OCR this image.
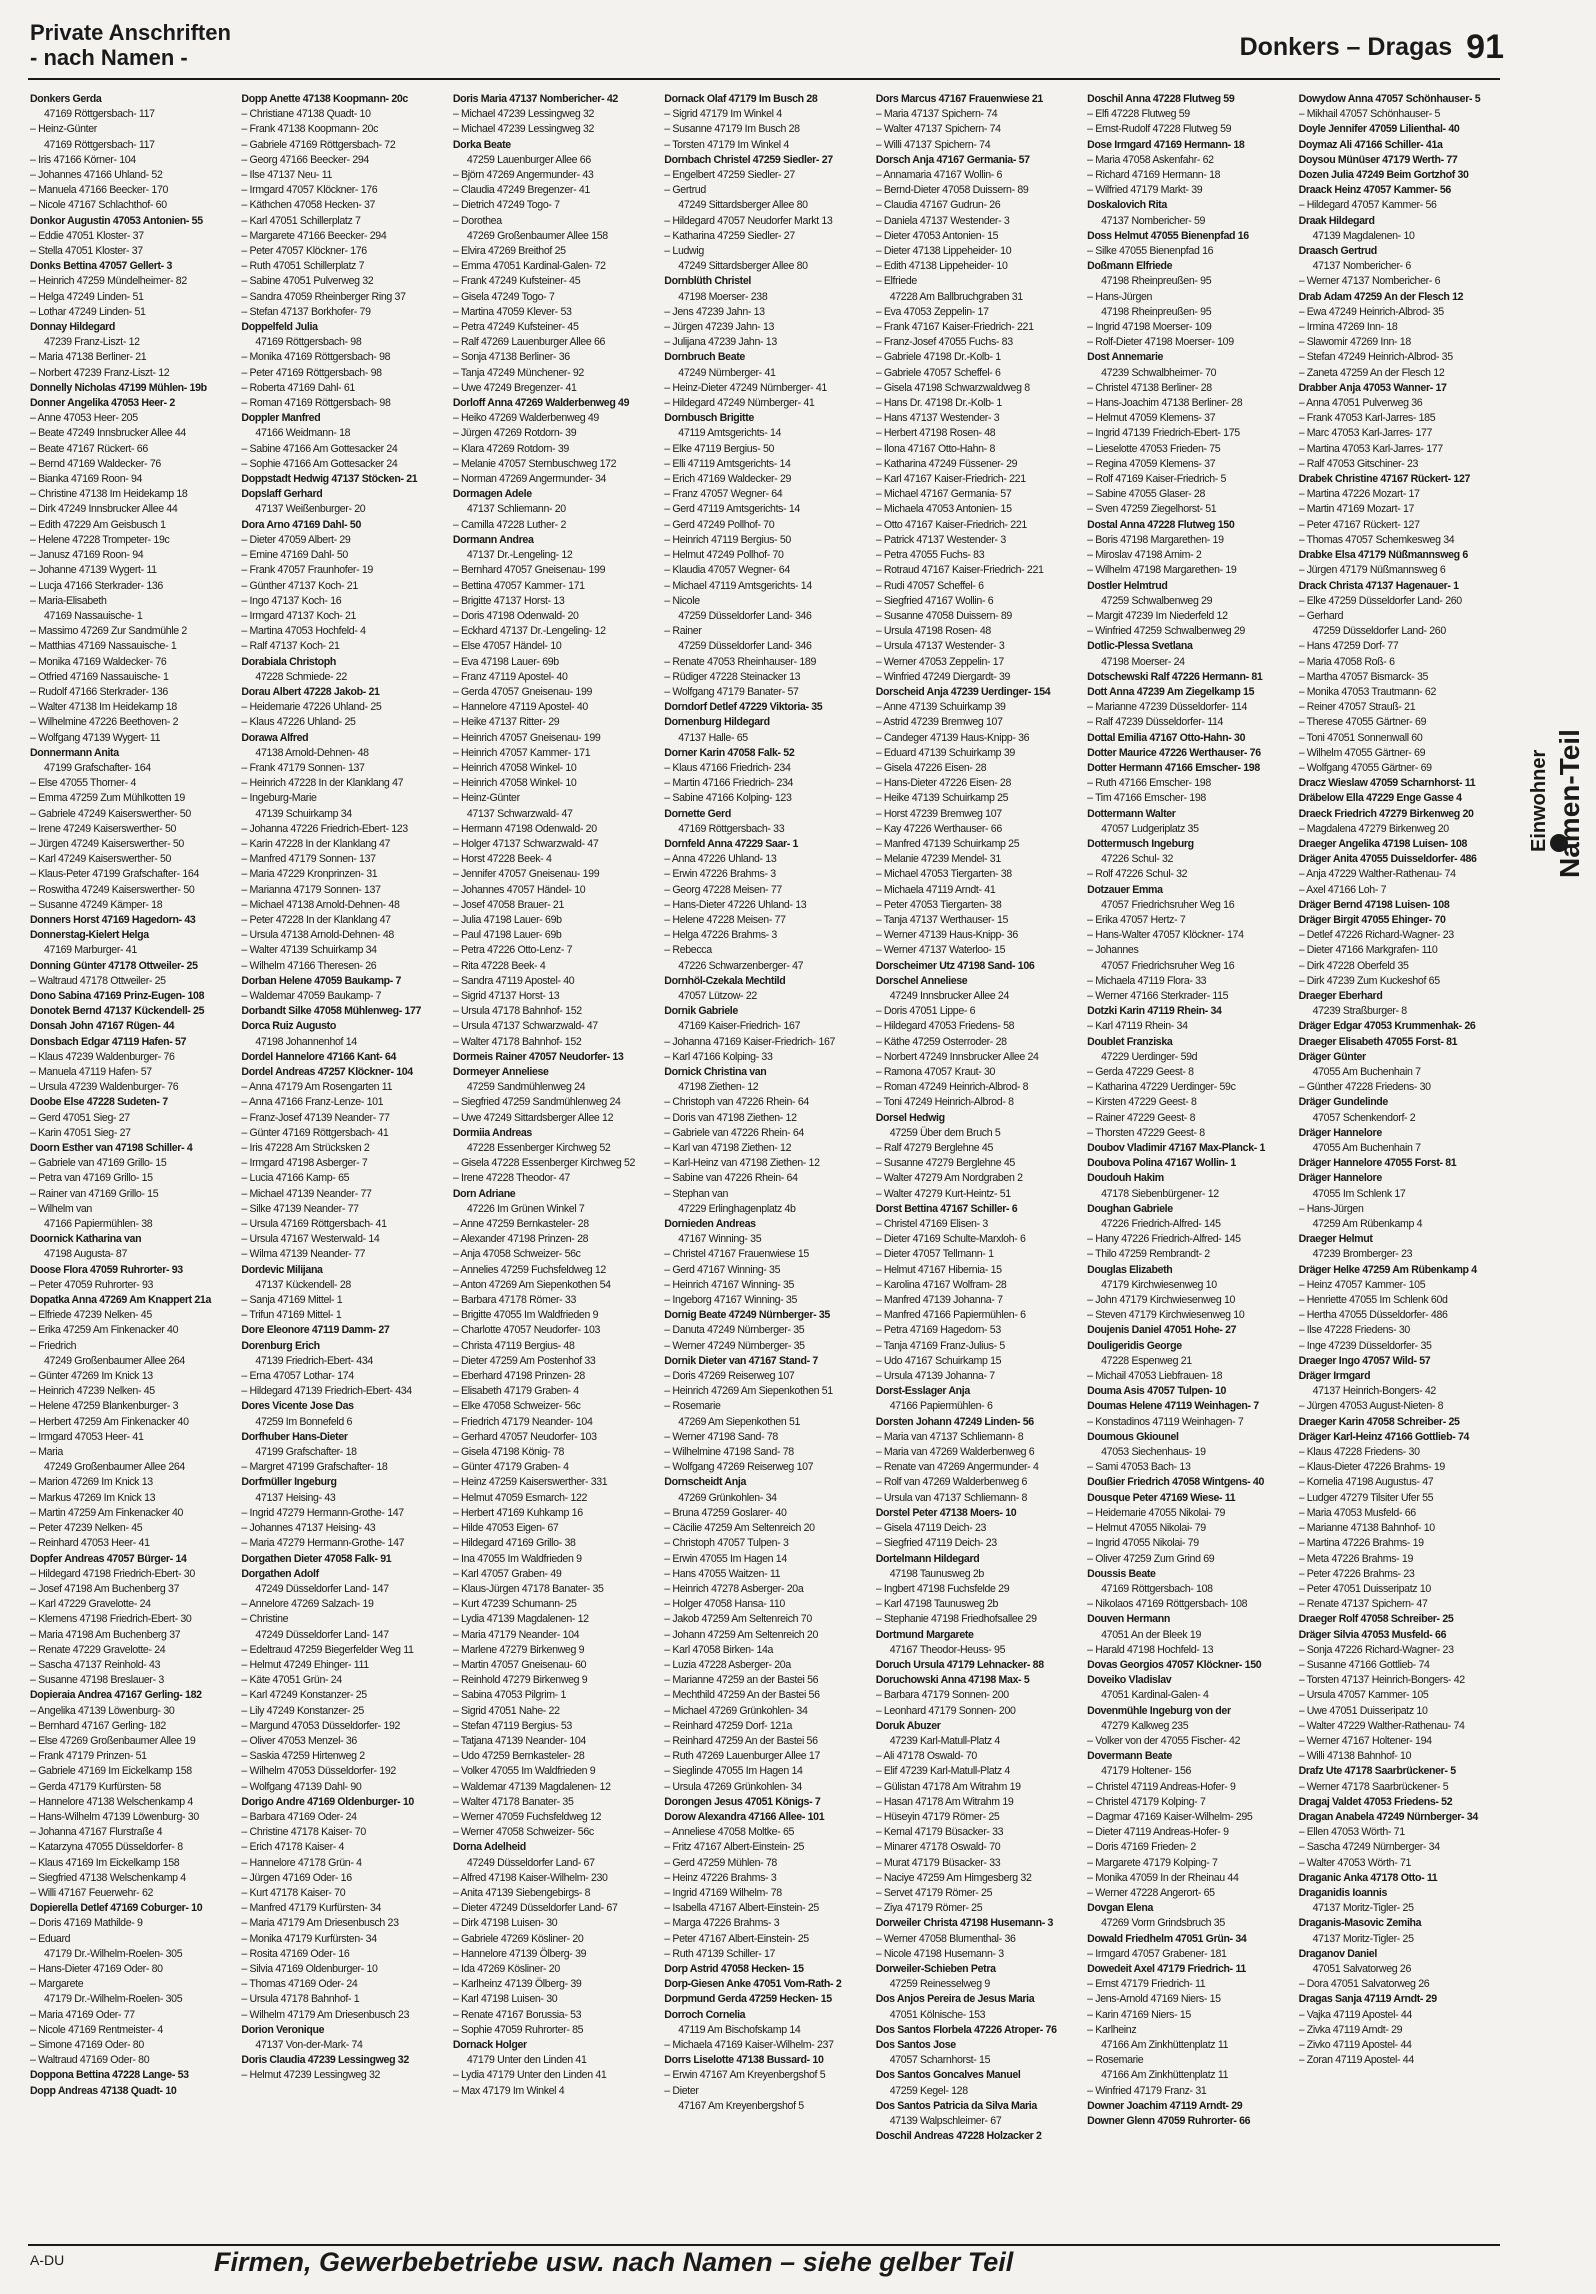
Private Anschriften
- nach Namen -	Donkers – Dragas 91
Donkers Gerda
47169 Röttgersbach- 117
– Heinz-Günter
47169 Röttgersbach- 117
– Iris 47166 Körner- 104
– Johannes 47166 Uhland- 52
– Manuela 47166 Beecker- 170
– Nicole 47167 Schlachthof- 60
Donkor Augustin 47053 Antonien- 55
– Eddie 47051 Kloster- 37
– Stella 47051 Kloster- 37
Donks Bettina 47057 Gellert- 3
– Heinrich 47259 Mündelheimer- 82
– Helga 47249 Linden- 51
– Lothar 47249 Linden- 51
Donnay Hildegard
47239 Franz-Liszt- 12
– Maria 47138 Berliner- 21
– Norbert 47239 Franz-Liszt- 12
Donnelly Nicholas 47199 Mühlen- 19b
Donner Angelika 47053 Heer- 2
– Anne 47053 Heer- 205
– Beate 47249 Innsbrucker Allee 44
– Beate 47167 Rückert- 66
– Bernd 47169 Waldecker- 76
– Bianka 47169 Roon- 94
– Christine 47138 Im Heidekamp 18
– Dirk 47249 Innsbrucker Allee 44
– Edith 47229 Am Geisbusch 1
– Helene 47228 Trompeter- 19c
– Janusz 47169 Roon- 94
– Johanne 47139 Wygert- 11
– Lucja 47166 Sterkrader- 136
– Maria-Elisabeth
47169 Nassauische- 1
– Massimo 47269 Zur Sandmühle 2
– Matthias 47169 Nassauische- 1
– Monika 47169 Waldecker- 76
– Otfried 47169 Nassauische- 1
– Rudolf 47166 Sterkrader- 136
– Walter 47138 Im Heidekamp 18
– Wilhelmine 47226 Beethoven- 2
– Wolfgang 47139 Wygert- 11
Donnermann Anita
47199 Grafschafter- 164
– Else 47055 Thorner- 4
– Emma 47259 Zum Mühlkotten 19
– Gabriele 47249 Kaiserswerther- 50
– Irene 47249 Kaiserswerther- 50
– Jürgen 47249 Kaiserswerther- 50
– Karl 47249 Kaiserswerther- 50
– Klaus-Peter 47199 Grafschafter- 164
– Roswitha 47249 Kaiserswerther- 50
– Susanne 47249 Kämper- 18
Donners Horst 47169 Hagedorn- 43
Donnerstag-Kielert Helga
47169 Marburger- 41
Donning Günter 47178 Ottweiler- 25
– Waltraud 47178 Ottweiler- 25
Dono Sabina 47169 Prinz-Eugen- 108
Donotek Bernd 47137 Kückendell- 25
Donsah John 47167 Rügen- 44
Donsbach Edgar 47119 Hafen- 57
– Klaus 47239 Waldenburger- 76
– Manuela 47119 Hafen- 57
– Ursula 47239 Waldenburger- 76
Doobe Else 47228 Sudeten- 7
– Gerd 47051 Sieg- 27
– Karin 47051 Sieg- 27
Doorn Esther van 47198 Schiller- 4
– Gabriele van 47169 Grillo- 15
– Petra van 47169 Grillo- 15
– Rainer van 47169 Grillo- 15
– Wilhelm van
47166 Papiermühlen- 38
Doornick Katharina van
47198 Augusta- 87
Doose Flora 47059 Ruhrorter- 93
– Peter 47059 Ruhrorter- 93
Dopatka Anna 47269 Am Knappert 21a
– Elfriede 47239 Nelken- 45
– Erika 47259 Am Finkenacker 40
– Friedrich
47249 Großenbaumer Allee 264
– Günter 47269 Im Knick 13
– Heinrich 47239 Nelken- 45
– Helene 47259 Blankenburger- 3
– Herbert 47259 Am Finkenacker 40
– Irmgard 47053 Heer- 41
– Maria
47249 Großenbaumer Allee 264
– Marion 47269 Im Knick 13
– Markus 47269 Im Knick 13
– Martin 47259 Am Finkenacker 40
– Peter 47239 Nelken- 45
– Reinhard 47053 Heer- 41
Dopfer Andreas 47057 Bürger- 14
– Hildegard 47198 Friedrich-Ebert- 30
– Josef 47198 Am Buchenberg 37
– Karl 47229 Gravelotte- 24
– Klemens 47198 Friedrich-Ebert- 30
– Maria 47198 Am Buchenberg 37
– Renate 47229 Gravelotte- 24
– Sascha 47137 Reinhold- 43
– Susanne 47198 Breslauer- 3
Dopieraia Andrea 47167 Gerling- 182
– Angelika 47139 Löwenburg- 30
– Bernhard 47167 Gerling- 182
– Else 47269 Großenbaumer Allee 19
– Frank 47179 Prinzen- 51
– Gabriele 47169 Im Eickelkamp 158
– Gerda 47179 Kurfürsten- 58
– Hannelore 47138 Welschenkamp 4
– Hans-Wilhelm 47139 Löwenburg- 30
– Johanna 47167 Flurstraße 4
– Katarzyna 47055 Düsseldorfer- 8
– Klaus 47169 Im Eickelkamp 158
– Siegfried 47138 Welschenkamp 4
– Willi 47167 Feuerwehr- 62
Dopierella Detlef 47169 Coburger- 10
– Doris 47169 Mathilde- 9
– Eduard
47179 Dr.-Wilhelm-Roelen- 305
– Hans-Dieter 47169 Oder- 80
– Margarete
47179 Dr.-Wilhelm-Roelen- 305
– Maria 47169 Oder- 77
– Nicole 47169 Rentmeister- 4
– Simone 47169 Oder- 80
– Waltraud 47169 Oder- 80
Doppona Bettina 47228 Lange- 53
Dopp Andreas 47138 Quadt- 10
Dopp Anette 47138 Koopmann- 20c
– Christiane 47138 Quadt- 10
– Frank 47138 Koopmann- 20c
– Gabriele 47169 Röttgersbach- 72
– Georg 47166 Beecker- 294
– Ilse 47137 Neu- 11
– Irmgard 47057 Klöckner- 176
– Käthchen 47058 Hecken- 37
– Karl 47051 Schillerplatz 7
– Margarete 47166 Beecker- 294
– Peter 47057 Klöckner- 176
– Ruth 47051 Schillerplatz 7
– Sabine 47051 Pulverweg 32
– Sandra 47059 Rheinberger Ring 37
– Stefan 47137 Borkhofer- 79
Doppelfeld Julia
47169 Röttgersbach- 98
– Monika 47169 Röttgersbach- 98
– Peter 47169 Röttgersbach- 98
– Roberta 47169 Dahl- 61
– Roman 47169 Röttgersbach- 98
Doppler Manfred
47166 Weidmann- 18
– Sabine 47166 Am Gottesacker 24
– Sophie 47166 Am Gottesacker 24
Doppstadt Hedwig 47137 Stöcken- 21
Dopslaff Gerhard
47137 Weißenburger- 20
Dora Arno 47169 Dahl- 50
– Dieter 47059 Albert- 29
– Emine 47169 Dahl- 50
– Frank 47057 Fraunhofer- 19
– Günther 47137 Koch- 21
– Ingo 47137 Koch- 16
– Irmgard 47137 Koch- 21
– Martina 47053 Hochfeld- 4
– Ralf 47137 Koch- 21
Dorabiala Christoph
47228 Schmiede- 22
Dorau Albert 47228 Jakob- 21
– Heidemarie 47226 Uhland- 25
– Klaus 47226 Uhland- 25
Dorawa Alfred
47138 Arnold-Dehnen- 48
– Frank 47179 Sonnen- 137
– Heinrich 47228 In der Klanklang 47
– Ingeburg-Marie
47139 Schuirkamp 34
– Johanna 47226 Friedrich-Ebert- 123
– Karin 47228 In der Klanklang 47
– Manfred 47179 Sonnen- 137
– Maria 47229 Kronprinzen- 31
– Marianna 47179 Sonnen- 137
– Michael 47138 Arnold-Dehnen- 48
– Peter 47228 In der Klanklang 47
– Ursula 47138 Arnold-Dehnen- 48
– Walter 47139 Schuirkamp 34
– Wilhelm 47166 Theresen- 26
Dorban Helene 47059 Baukamp- 7
– Waldemar 47059 Baukamp- 7
Dorbandt Silke 47058 Mühlenweg- 177
Dorca Ruiz Augusto
47198 Johannenhof 14
Dordel Hannelore 47166 Kant- 64
Dordel Andreas 47257 Klöckner- 104
– Anna 47179 Am Rosengarten 11
– Anna 47166 Franz-Lenze- 101
– Franz-Josef 47139 Neander- 77
– Günter 47169 Röttgersbach- 41
– Iris 47228 Am Strücksken 2
– Irmgard 47198 Asberger- 7
– Lucia 47166 Kamp- 65
– Michael 47139 Neander- 77
– Silke 47139 Neander- 77
– Ursula 47169 Röttgersbach- 41
– Ursula 47167 Westerwald- 14
– Wilma 47139 Neander- 77
Dordevic Milijana
47137 Kückendell- 28
– Sanja 47169 Mittel- 1
– Trifun 47169 Mittel- 1
Dore Eleonore 47119 Damm- 27
Dorenburg Erich
47139 Friedrich-Ebert- 434
– Erna 47057 Lothar- 174
– Hildegard 47139 Friedrich-Ebert- 434
Dores Vicente Jose Das
47259 Im Bonnefeld 6
Dorfhuber Hans-Dieter
47199 Grafschafter- 18
– Margret 47199 Grafschafter- 18
Dorfmüller Ingeburg
47137 Heising- 43
– Ingrid 47279 Hermann-Grothe- 147
– Johannes 47137 Heising- 43
– Maria 47279 Hermann-Grothe- 147
Dorgathen Dieter 47058 Falk- 91
Dorgathen Adolf
47249 Düsseldorfer Land- 147
– Annelore 47269 Salzach- 19
– Christine
47249 Düsseldorfer Land- 147
– Edeltraud 47259 Biegerfelder Weg 11
– Helmut 47249 Ehinger- 111
– Käte 47051 Grün- 24
– Karl 47249 Konstanzer- 25
– Lily 47249 Konstanzer- 25
– Margund 47053 Düsseldorfer- 192
– Oliver 47053 Menzel- 36
– Saskia 47259 Hirtenweg 2
– Wilhelm 47053 Düsseldorfer- 192
– Wolfgang 47139 Dahl- 90
Dorigo Andre 47169 Oldenburger- 10
– Barbara 47169 Oder- 24
– Christine 47178 Kaiser- 70
– Erich 47178 Kaiser- 4
– Hannelore 47178 Grün- 4
– Jürgen 47169 Oder- 16
– Kurt 47178 Kaiser- 70
– Manfred 47179 Kurfürsten- 34
– Maria 47179 Am Driesenbusch 23
– Monika 47179 Kurfürsten- 34
– Rosita 47169 Oder- 16
– Silvia 47169 Oldenburger- 10
– Thomas 47169 Oder- 24
– Ursula 47178 Bahnhof- 1
– Wilhelm 47179 Am Driesenbusch 23
Dorion Veronique
47137 Von-der-Mark- 74
Doris Claudia 47239 Lessingweg 32
– Helmut 47239 Lessingweg 32
Doris Maria 47137 Nombericher- 42
– Michael 47239 Lessingweg 32
– Michael 47239 Lessingweg 32
Dorka Beate
47259 Lauenburger Allee 66
– Björn 47269 Angermunder- 43
– Claudia 47249 Bregenzer- 41
– Dietrich 47249 Togo- 7
– Dorothea
47269 Großenbaumer Allee 158
– Elvira 47269 Breithof 25
– Emma 47051 Kardinal-Galen- 72
– Frank 47249 Kufsteiner- 45
– Gisela 47249 Togo- 7
– Martina 47059 Klever- 53
– Petra 47249 Kufsteiner- 45
– Ralf 47269 Lauenburger Allee 66
– Sonja 47138 Berliner- 36
– Tanja 47249 Münchener- 92
– Uwe 47249 Bregenzer- 41
Dorloff Anna 47269 Walderbenweg 49
– Heiko 47269 Walderbenweg 49
– Jürgen 47269 Rotdorn- 39
– Klara 47269 Rotdorn- 39
– Melanie 47057 Sternbuschweg 172
– Norman 47269 Angermunder- 34
Dormagen Adele
47137 Schliemann- 20
– Camilla 47228 Luther- 2
Dormann Andrea
47137 Dr.-Lengeling- 12
– Bernhard 47057 Gneisenau- 199
– Bettina 47057 Kammer- 171
– Brigitte 47137 Horst- 13
– Doris 47198 Odenwald- 20
– Eckhard 47137 Dr.-Lengeling- 12
– Else 47057 Händel- 10
– Eva 47198 Lauer- 69b
– Franz 47119 Apostel- 40
– Gerda 47057 Gneisenau- 199
– Hannelore 47119 Apostel- 40
– Heike 47137 Ritter- 29
– Heinrich 47057 Gneisenau- 199
– Heinrich 47057 Kammer- 171
– Heinrich 47058 Winkel- 10
– Heinrich 47058 Winkel- 10
– Heinz-Günter
47137 Schwarzwald- 47
– Hermann 47198 Odenwald- 20
– Holger 47137 Schwarzwald- 47
– Horst 47228 Beek- 4
– Jennifer 47057 Gneisenau- 199
– Johannes 47057 Händel- 10
– Josef 47058 Brauer- 21
– Julia 47198 Lauer- 69b
– Paul 47198 Lauer- 69b
– Petra 47226 Otto-Lenz- 7
– Rita 47228 Beek- 4
– Sandra 47119 Apostel- 40
– Sigrid 47137 Horst- 13
– Ursula 47178 Bahnhof- 152
– Ursula 47137 Schwarzwald- 47
– Walter 47178 Bahnhof- 152
Dormeis Rainer 47057 Neudorfer- 13
Dormeyer Anneliese
47259 Sandmühlenweg 24
– Siegfried 47259 Sandmühlenweg 24
– Uwe 47249 Sittardsberger Allee 12
Dormiia Andreas
47228 Essenberger Kirchweg 52
– Gisela 47228 Essenberger Kirchweg 52
– Irene 47228 Theodor- 47
Dorn Adriane
47226 Im Grünen Winkel 7
– Anne 47259 Bernkasteler- 28
– Alexander 47198 Prinzen- 28
– Anja 47058 Schweizer- 56c
– Annelies 47259 Fuchsfeldweg 12
– Anton 47269 Am Siepenkothen 54
– Barbara 47178 Römer- 33
– Brigitte 47055 Im Waldfrieden 9
– Charlotte 47057 Neudorfer- 103
– Christa 47119 Bergius- 48
– Dieter 47259 Am Postenhof 33
– Eberhard 47198 Prinzen- 28
– Elisabeth 47179 Graben- 4
– Elke 47058 Schweizer- 56c
– Friedrich 47179 Neander- 104
– Gerhard 47057 Neudorfer- 103
– Gisela 47198 König- 78
– Günter 47179 Graben- 4
– Heinz 47259 Kaiserswerther- 331
– Helmut 47059 Esmarch- 122
– Herbert 47169 Kuhkamp 16
– Hilde 47053 Eigen- 67
– Hildegard 47169 Grillo- 38
– Ina 47055 Im Waldfrieden 9
– Karl 47057 Graben- 49
– Klaus-Jürgen 47178 Banater- 35
– Kurt 47239 Schumann- 25
– Lydia 47139 Magdalenen- 12
– Maria 47179 Neander- 104
– Marlene 47279 Birkenweg 9
– Martin 47057 Gneisenau- 60
– Reinhold 47279 Birkenweg 9
– Sabina 47053 Pilgrim- 1
– Sigrid 47051 Nahe- 22
– Stefan 47119 Bergius- 53
– Tatjana 47139 Neander- 104
– Udo 47259 Bernkasteler- 28
– Volker 47055 Im Waldfrieden 9
– Waldemar 47139 Magdalenen- 12
– Walter 47178 Banater- 35
– Werner 47059 Fuchsfeldweg 12
– Werner 47058 Schweizer- 56c
Dorna Adelheid
47249 Düsseldorfer Land- 67
– Alfred 47198 Kaiser-Wilhelm- 230
– Anita 47139 Siebengebirgs- 8
– Dieter 47249 Düsseldorfer Land- 67
– Dirk 47198 Luisen- 30
– Gabriele 47269 Kösliner- 20
– Hannelore 47139 Ölberg- 39
– Ida 47269 Kösliner- 20
– Karlheinz 47139 Ölberg- 39
– Karl 47198 Luisen- 30
– Renate 47167 Borussia- 53
– Sophie 47059 Ruhrorter- 85
Dornack Holger
47179 Unter den Linden 41
– Lydia 47179 Unter den Linden 41
– Max 47179 Im Winkel 4
Dornack Olaf 47179 Im Busch 28
– Sigrid 47179 Im Winkel 4
– Susanne 47179 Im Busch 28
– Torsten 47179 Im Winkel 4
Dornbach Christel 47259 Siedler- 27
– Engelbert 47259 Siedler- 27
– Gertrud
47249 Sittardsberger Allee 80
– Hildegard 47057 Neudorfer Markt 13
– Katharina 47259 Siedler- 27
– Ludwig
47249 Sittardsberger Allee 80
Dornblüth Christel
47198 Moerser- 238
– Jens 47239 Jahn- 13
– Jürgen 47239 Jahn- 13
– Julijana 47239 Jahn- 13
Dornbruch Beate
47249 Nürnberger- 41
– Heinz-Dieter 47249 Nürnberger- 41
– Hildegard 47249 Nürnberger- 41
Dornbusch Brigitte
47119 Amtsgerichts- 14
– Elke 47119 Bergius- 50
– Elli 47119 Amtsgerichts- 14
– Erich 47169 Waldecker- 29
– Franz 47057 Wegner- 64
– Gerd 47119 Amtsgerichts- 14
– Gerd 47249 Pollhof- 70
– Heinrich 47119 Bergius- 50
– Helmut 47249 Pollhof- 70
– Klaudia 47057 Wegner- 64
– Michael 47119 Amtsgerichts- 14
– Nicole
47259 Düsseldorfer Land- 346
– Rainer
47259 Düsseldorfer Land- 346
– Renate 47053 Rheinhauser- 189
– Rüdiger 47228 Steinacker 13
– Wolfgang 47179 Banater- 57
Dorndorf Detlef 47229 Viktoria- 35
Dornenburg Hildegard
47137 Halle- 65
Dorner Karin 47058 Falk- 52
– Klaus 47166 Friedrich- 234
– Martin 47166 Friedrich- 234
– Sabine 47166 Kolping- 123
Dornette Gerd
47169 Röttgersbach- 33
Dornfeld Anna 47229 Saar- 1
– Anna 47226 Uhland- 13
– Erwin 47226 Brahms- 3
– Georg 47228 Meisen- 77
– Hans-Dieter 47226 Uhland- 13
– Helene 47228 Meisen- 77
– Helga 47226 Brahms- 3
– Rebecca
47226 Schwarzenberger- 47
Dornhöl-Czekala Mechtild
47057 Lützow- 22
Dornik Gabriele
47169 Kaiser-Friedrich- 167
– Johanna 47169 Kaiser-Friedrich- 167
– Karl 47166 Kolping- 33
Dornick Christina van
47198 Ziethen- 12
– Christoph van 47226 Rhein- 64
– Doris van 47198 Ziethen- 12
– Gabriele van 47226 Rhein- 64
– Karl van 47198 Ziethen- 12
– Karl-Heinz van 47198 Ziethen- 12
– Sabine van 47226 Rhein- 64
– Stephan van
47229 Erlinghagenplatz 4b
Dornieden Andreas
47167 Winning- 35
– Christel 47167 Frauenwiese 15
– Gerd 47167 Winning- 35
– Heinrich 47167 Winning- 35
– Ingeborg 47167 Winning- 35
Dornig Beate 47249 Nürnberger- 35
– Danuta 47249 Nürnberger- 35
– Werner 47249 Nürnberger- 35
Dornik Dieter van 47167 Stand- 7
– Doris 47269 Reiserweg 107
– Heinrich 47269 Am Siepenkothen 51
– Rosemarie
47269 Am Siepenkothen 51
– Werner 47198 Sand- 78
– Wilhelmine 47198 Sand- 78
– Wolfgang 47269 Reiserweg 107
Dornscheidt Anja
47269 Grünkohlen- 34
– Bruna 47259 Goslarer- 40
– Cäcilie 47259 Am Seltenreich 20
– Christoph 47057 Tulpen- 3
– Erwin 47055 Im Hagen 14
– Hans 47055 Waitzen- 11
– Heinrich 47278 Asberger- 20a
– Holger 47058 Hansa- 110
– Jakob 47259 Am Seltenreich 70
– Johann 47259 Am Seltenreich 20
– Karl 47058 Birken- 14a
– Luzia 47228 Asberger- 20a
– Marianne 47259 an der Bastei 56
– Mechthild 47259 An der Bastei 56
– Michael 47269 Grünkohlen- 34
– Reinhard 47259 Dorf- 121a
– Reinhard 47259 An der Bastei 56
– Ruth 47269 Lauenburger Allee 17
– Sieglinde 47055 Im Hagen 14
– Ursula 47269 Grünkohlen- 34
Dorongen Jesus 47051 Königs- 7
Dorow Alexandra 47166 Allee- 101
– Anneliese 47058 Moltke- 65
– Fritz 47167 Albert-Einstein- 25
– Gerd 47259 Mühlen- 78
– Heinz 47226 Brahms- 3
– Ingrid 47169 Wilhelm- 78
– Isabella 47167 Albert-Einstein- 25
– Marga 47226 Brahms- 3
– Peter 47167 Albert-Einstein- 25
– Ruth 47139 Schiller- 17
Dorp Astrid 47058 Hecken- 15
Dorp-Giesen Anke 47051 Vom-Rath- 2
Dorpmund Gerda 47259 Hecken- 15
Dorroch Cornelia
47119 Am Bischofskamp 14
– Michaela 47169 Kaiser-Wilhelm- 237
Dorrs Liselotte 47138 Bussard- 10
– Erwin 47167 Am Kreyenbergshof 5
– Dieter
47167 Am Kreyenbergshof 5
Dors Marcus 47167 Frauenwiese 21
– Maria 47137 Spichern- 74
– Walter 47137 Spichern- 74
– Willi 47137 Spichern- 74
Dorsch Anja 47167 Germania- 57
– Annamaria 47167 Wollin- 6
– Bernd-Dieter 47058 Duissern- 89
– Claudia 47167 Gudrun- 26
– Daniela 47137 Westender- 3
– Dieter 47053 Antonien- 15
– Dieter 47138 Lippeheider- 10
– Edith 47138 Lippeheider- 10
– Elfriede
47228 Am Ballbruchgraben 31
– Eva 47053 Zeppelin- 17
– Frank 47167 Kaiser-Friedrich- 221
– Franz-Josef 47055 Fuchs- 83
– Gabriele 47198 Dr.-Kolb- 1
– Gabriele 47057 Scheffel- 6
– Gisela 47198 Schwarzwaldweg 8
– Hans Dr. 47198 Dr.-Kolb- 1
– Hans 47137 Westender- 3
– Herbert 47198 Rosen- 48
– Ilona 47167 Otto-Hahn- 8
– Katharina 47249 Füssener- 29
– Karl 47167 Kaiser-Friedrich- 221
– Michael 47167 Germania- 57
– Michaela 47053 Antonien- 15
– Otto 47167 Kaiser-Friedrich- 221
– Patrick 47137 Westender- 3
– Petra 47055 Fuchs- 83
– Rotraud 47167 Kaiser-Friedrich- 221
– Rudi 47057 Scheffel- 6
– Siegfried 47167 Wollin- 6
– Susanne 47058 Duissern- 89
– Ursula 47198 Rosen- 48
– Ursula 47137 Westender- 3
– Werner 47053 Zeppelin- 17
– Winfried 47249 Diergardt- 39
Dorscheid Anja 47239 Uerdinger- 154
– Anne 47139 Schuirkamp 39
– Astrid 47239 Bremweg 107
– Candeger 47139 Haus-Knipp- 36
– Eduard 47139 Schuirkamp 39
– Gisela 47226 Eisen- 28
– Hans-Dieter 47226 Eisen- 28
– Heike 47139 Schuirkamp 25
– Horst 47239 Bremweg 107
– Kay 47226 Werthauser- 66
– Manfred 47139 Schuirkamp 25
– Melanie 47239 Mendel- 31
– Michael 47053 Tiergarten- 38
– Michaela 47119 Arndt- 41
– Peter 47053 Tiergarten- 38
– Tanja 47137 Werthauser- 15
– Werner 47139 Haus-Knipp- 36
– Werner 47137 Waterloo- 15
Dorscheimer Utz 47198 Sand- 106
Dorschel Anneliese
47249 Innsbrucker Allee 24
– Doris 47051 Lippe- 6
– Hildegard 47053 Friedens- 58
– Käthe 47259 Osterroder- 28
– Norbert 47249 Innsbrucker Allee 24
– Ramona 47057 Kraut- 30
– Roman 47249 Heinrich-Albrod- 8
– Toni 47249 Heinrich-Albrod- 8
Dorsel Hedwig
47259 Über dem Bruch 5
– Ralf 47279 Berglehne 45
– Susanne 47279 Berglehne 45
– Walter 47279 Am Nordgraben 2
– Walter 47279 Kurt-Heintz- 51
Dorst Bettina 47167 Schiller- 6
– Christel 47169 Elisen- 3
– Dieter 47169 Schulte-Marxloh- 6
– Dieter 47057 Tellmann- 1
– Helmut 47167 Hibernia- 15
– Karolina 47167 Wolfram- 28
– Manfred 47139 Johanna- 7
– Manfred 47166 Papiermühlen- 6
– Petra 47169 Hagedorn- 53
– Tanja 47169 Franz-Julius- 5
– Udo 47167 Schuirkamp 15
– Ursula 47139 Johanna- 7
Dorst-Esslager Anja
47166 Papiermühlen- 6
Dorsten Johann 47249 Linden- 56
– Maria van 47137 Schliemann- 8
– Maria van 47269 Walderbenweg 6
– Renate van 47269 Angermunder- 4
– Rolf van 47269 Walderbenweg 6
– Ursula van 47137 Schliemann- 8
Dorstel Peter 47138 Moers- 10
– Gisela 47119 Deich- 23
– Siegfried 47119 Deich- 23
Dortelmann Hildegard
47198 Taunusweg 2b
– Ingbert 47198 Fuchsfelde 29
– Karl 47198 Taunusweg 2b
– Stephanie 47198 Friedhofsallee 29
Dortmund Margarete
47167 Theodor-Heuss- 95
Doruch Ursula 47179 Lehnacker- 88
Doruchowski Anna 47198 Max- 5
– Barbara 47179 Sonnen- 200
– Leonhard 47179 Sonnen- 200
Doruk Abuzer
47239 Karl-Matull-Platz 4
– Ali 47178 Oswald- 70
– Elif 47239 Karl-Matull-Platz 4
– Gülistan 47178 Am Witrahm 19
– Hasan 47178 Am Witrahm 19
– Hüseyin 47179 Römer- 25
– Kemal 47179 Büsacker- 33
– Minarer 47178 Oswald- 70
– Murat 47179 Büsacker- 33
– Naciye 47259 Am Himgesberg 32
– Servet 47179 Römer- 25
– Ziya 47179 Römer- 25
Dorweiler Christa 47198 Husemann- 3
– Werner 47058 Blumenthal- 36
– Nicole 47198 Husemann- 3
Dorweiler-Schieben Petra
47259 Reinesselweg 9
Dos Anjos Pereira de Jesus Maria
47051 Kölnische- 153
Dos Santos Florbela 47226 Atroper- 76
Dos Santos Jose
47057 Scharnhorst- 15
Dos Santos Goncalves Manuel
47259 Kegel- 128
Dos Santos Patricia da Silva Maria
47139 Walpschleimer- 67
Doschil Andreas 47228 Holzacker 2
Doschil Anna 47228 Flutweg 59
– Elfi 47228 Flutweg 59
– Ernst-Rudolf 47228 Flutweg 59
Dose Irmgard 47169 Hermann- 18
– Maria 47058 Askenfahr- 62
– Richard 47169 Hermann- 18
– Wilfried 47179 Markt- 39
Doskalovich Rita
47137 Nombericher- 59
Doss Helmut 47055 Bienenpfad 16
– Silke 47055 Bienenpfad 16
Doßmann Elfriede
47198 Rheinpreußen- 95
– Hans-Jürgen
47198 Rheinpreußen- 95
– Ingrid 47198 Moerser- 109
– Rolf-Dieter 47198 Moerser- 109
Dost Annemarie
47239 Schwalbheimer- 70
– Christel 47138 Berliner- 28
– Hans-Joachim 47138 Berliner- 28
– Helmut 47059 Klemens- 37
– Ingrid 47139 Friedrich-Ebert- 175
– Lieselotte 47053 Frieden- 75
– Regina 47059 Klemens- 37
– Rolf 47169 Kaiser-Friedrich- 5
– Sabine 47055 Glaser- 28
– Sven 47259 Ziegelhorst- 51
Dostal Anna 47228 Flutweg 150
– Boris 47198 Margarethen- 19
– Miroslav 47198 Arnim- 2
– Wilhelm 47198 Margarethen- 19
Dostler Helmtrud
47259 Schwalbenweg 29
– Margit 47239 Im Niederfeld 12
– Winfried 47259 Schwalbenweg 29
Dotlic-Plessa Svetlana
47198 Moerser- 24
Dotschewski Ralf 47226 Hermann- 81
Dott Anna 47239 Am Ziegelkamp 15
– Marianne 47239 Düsseldorfer- 114
– Ralf 47239 Düsseldorfer- 114
Dottal Emilia 47167 Otto-Hahn- 30
Dotter Maurice 47226 Werthauser- 76
Dotter Hermann 47166 Emscher- 198
– Ruth 47166 Emscher- 198
– Tim 47166 Emscher- 198
Dottermann Walter
47057 Ludgeriplatz 35
Dottermusch Ingeburg
47226 Schul- 32
– Rolf 47226 Schul- 32
Dotzauer Emma
47057 Friedrichsruher Weg 16
– Erika 47057 Hertz- 7
– Hans-Walter 47057 Klöckner- 174
– Johannes
47057 Friedrichsruher Weg 16
– Michaela 47119 Flora- 33
– Werner 47166 Sterkrader- 115
Dotzki Karin 47119 Rhein- 34
– Karl 47119 Rhein- 34
Doublet Franziska
47229 Uerdinger- 59d
– Gerda 47229 Geest- 8
– Katharina 47229 Uerdinger- 59c
– Kirsten 47229 Geest- 8
– Rainer 47229 Geest- 8
– Thorsten 47229 Geest- 8
Doubov Vladimir 47167 Max-Planck- 1
Doubova Polina 47167 Wollin- 1
Doudouh Hakim
47178 Siebenbürgener- 12
Doughan Gabriele
47226 Friedrich-Alfred- 145
– Hany 47226 Friedrich-Alfred- 145
– Thilo 47259 Rembrandt- 2
Douglas Elizabeth
47179 Kirchwiesenweg 10
– John 47179 Kirchwiesenweg 10
– Steven 47179 Kirchwiesenweg 10
Doujenis Daniel 47051 Hohe- 27
Douligeridis George
47228 Espenweg 21
– Michail 47053 Liebfrauen- 18
Douma Asis 47057 Tulpen- 10
Doumas Helene 47119 Weinhagen- 7
– Konstadinos 47119 Weinhagen- 7
Doumous Gkiounel
47053 Siechenhaus- 19
– Sami 47053 Bach- 13
Doußier Friedrich 47058 Wintgens- 40
Dousque Peter 47169 Wiese- 11
– Heidemarie 47055 Nikolai- 79
– Helmut 47055 Nikolai- 79
– Ingrid 47055 Nikolai- 79
– Oliver 47259 Zum Grind 69
Doussis Beate
47169 Röttgersbach- 108
– Nikolaos 47169 Röttgersbach- 108
Douven Hermann
47051 An der Bleek 19
– Harald 47198 Hochfeld- 13
Dovas Georgios 47057 Klöckner- 150
Doveiko Vladislav
47051 Kardinal-Galen- 4
Dovenmühle Ingeburg von der
47279 Kalkweg 235
– Volker von der 47055 Fischer- 42
Dovermann Beate
47179 Holtener- 156
– Christel 47119 Andreas-Hofer- 9
– Christel 47179 Kolping- 7
– Dagmar 47169 Kaiser-Wilhelm- 295
– Dieter 47119 Andreas-Hofer- 9
– Doris 47169 Frieden- 2
– Margarete 47179 Kolping- 7
– Monika 47059 In der Rheinau 44
– Werner 47228 Angerort- 65
Dovgan Elena
47269 Vorm Grindsbruch 35
Dowald Friedhelm 47051 Grün- 34
– Irmgard 47057 Grabener- 181
Dowedeit Axel 47179 Friedrich- 11
– Ernst 47179 Friedrich- 11
– Jens-Arnold 47169 Niers- 15
– Karin 47169 Niers- 15
– Karlheinz
47166 Am Zinkhüttenplatz 11
– Rosemarie
47166 Am Zinkhüttenplatz 11
– Winfried 47179 Franz- 31
Downer Joachim 47119 Arndt- 29
Downer Glenn 47059 Ruhrorter- 66
Dowydow Anna 47057 Schönhauser- 5
– Mikhail 47057 Schönhauser- 5
Doyle Jennifer 47059 Lilienthal- 40
Doymaz Ali 47166 Schiller- 41a
Doysou Münüser 47179 Werth- 77
Dozen Julia 47249 Beim Gortzhof 30
Draack Heinz 47057 Kammer- 56
– Hildegard 47057 Kammer- 56
Draak Hildegard
47139 Magdalenen- 10
Draasch Gertrud
47137 Nombericher- 6
– Werner 47137 Nombericher- 6
Drab Adam 47259 An der Flesch 12
– Ewa 47249 Heinrich-Albrod- 35
– Irmina 47269 Inn- 18
– Slawomir 47269 Inn- 18
– Stefan 47249 Heinrich-Albrod- 35
– Zaneta 47259 An der Flesch 12
Drabber Anja 47053 Wanner- 17
– Anna 47051 Pulverweg 36
– Frank 47053 Karl-Jarres- 185
– Marc 47053 Karl-Jarres- 177
– Martina 47053 Karl-Jarres- 177
– Ralf 47053 Gitschiner- 23
Drabek Christine 47167 Rückert- 127
– Martina 47226 Mozart- 17
– Martin 47169 Mozart- 17
– Peter 47167 Rückert- 127
– Thomas 47057 Schemkesweg 34
Drabke Elsa 47179 Nüßmannsweg 6
– Jürgen 47179 Nüßmannsweg 6
Drack Christa 47137 Hagenauer- 1
– Elke 47259 Düsseldorfer Land- 260
– Gerhard
47259 Düsseldorfer Land- 260
– Hans 47259 Dorf- 77
– Maria 47058 Roß- 6
– Martha 47057 Bismarck- 35
– Monika 47053 Trautmann- 62
– Reiner 47057 Strauß- 21
– Therese 47055 Gärtner- 69
– Toni 47051 Sonnenwall 60
– Wilhelm 47055 Gärtner- 69
– Wolfgang 47055 Gärtner- 69
Dracz Wieslaw 47059 Scharnhorst- 11
Dräbelow Ella 47229 Enge Gasse 4
Draeck Friedrich 47279 Birkenweg 20
– Magdalena 47279 Birkenweg 20
Draeger Angelika 47198 Luisen- 108
Dräger Anita 47055 Duisseldorfer- 486
– Anja 47229 Walther-Rathenau- 74
– Axel 47166 Loh- 7
Dräger Bernd 47198 Luisen- 108
Dräger Birgit 47055 Ehinger- 70
– Detlef 47226 Richard-Wagner- 23
– Dieter 47166 Markgrafen- 110
– Dirk 47228 Oberfeld 35
– Dirk 47239 Zum Kuckeshof 65
Draeger Eberhard
47239 Straßburger- 8
Dräger Edgar 47053 Krummenhak- 26
Draeger Elisabeth 47055 Forst- 81
Dräger Günter
47055 Am Buchenhain 7
– Günther 47228 Friedens- 30
Dräger Gundelinde
47057 Schenkendorf- 2
Dräger Hannelore
47055 Am Buchenhain 7
Dräger Hannelore 47055 Forst- 81
Dräger Hannelore
47055 Im Schlenk 17
– Hans-Jürgen
47259 Am Rübenkamp 4
Draeger Helmut
47239 Bromberger- 23
Dräger Helke 47259 Am Rübenkamp 4
– Heinz 47057 Kammer- 105
– Henriette 47055 Im Schlenk 60d
– Hertha 47055 Düsseldorfer- 486
– Ilse 47228 Friedens- 30
– Inge 47239 Düsseldorfer- 35
Draeger Ingo 47057 Wild- 57
Dräger Irmgard
47137 Heinrich-Bongers- 42
– Jürgen 47053 August-Nieten- 8
Draeger Karin 47058 Schreiber- 25
Dräger Karl-Heinz 47166 Gottlieb- 74
– Klaus 47228 Friedens- 30
– Klaus-Dieter 47226 Brahms- 19
– Kornelia 47198 Augustus- 47
– Ludger 47279 Tilsiter Ufer 55
– Maria 47053 Musfeld- 66
– Marianne 47138 Bahnhof- 10
– Martina 47226 Brahms- 19
– Meta 47226 Brahms- 19
– Peter 47226 Brahms- 23
– Peter 47051 Duisseripatz 10
– Renate 47137 Spichern- 47
Draeger Rolf 47058 Schreiber- 25
Dräger Silvia 47053 Musfeld- 66
– Sonja 47226 Richard-Wagner- 23
– Susanne 47166 Gottlieb- 74
– Torsten 47137 Heinrich-Bongers- 42
– Ursula 47057 Kammer- 105
– Uwe 47051 Duisseripatz 10
– Walter 47229 Walther-Rathenau- 74
– Werner 47167 Holtener- 194
– Willi 47138 Bahnhof- 10
Drafz Ute 47178 Saarbrückener- 5
– Werner 47178 Saarbrückener- 5
Dragaj Valdet 47053 Friedens- 52
Dragan Anabela 47249 Nürnberger- 34
– Ellen 47053 Wörth- 71
– Sascha 47249 Nürnberger- 34
– Walter 47053 Wörth- 71
Draganic Anka 47178 Otto- 11
Draganidis Ioannis
47137 Moritz-Tigler- 25
Draganis-Masovic Zemiha
47137 Moritz-Tigler- 25
Draganov Daniel
47051 Salvatorweg 26
– Dora 47051 Salvatorweg 26
Dragas Sanja 47119 Arndt- 29
– Vajka 47119 Apostel- 44
– Zivka 47119 Arndt- 29
– Zivko 47119 Apostel- 44
– Zoran 47119 Apostel- 44
Einwohner Namen-Teil
A-DU	Firmen, Gewerbebetriebe usw. nach Namen – siehe gelber Teil
